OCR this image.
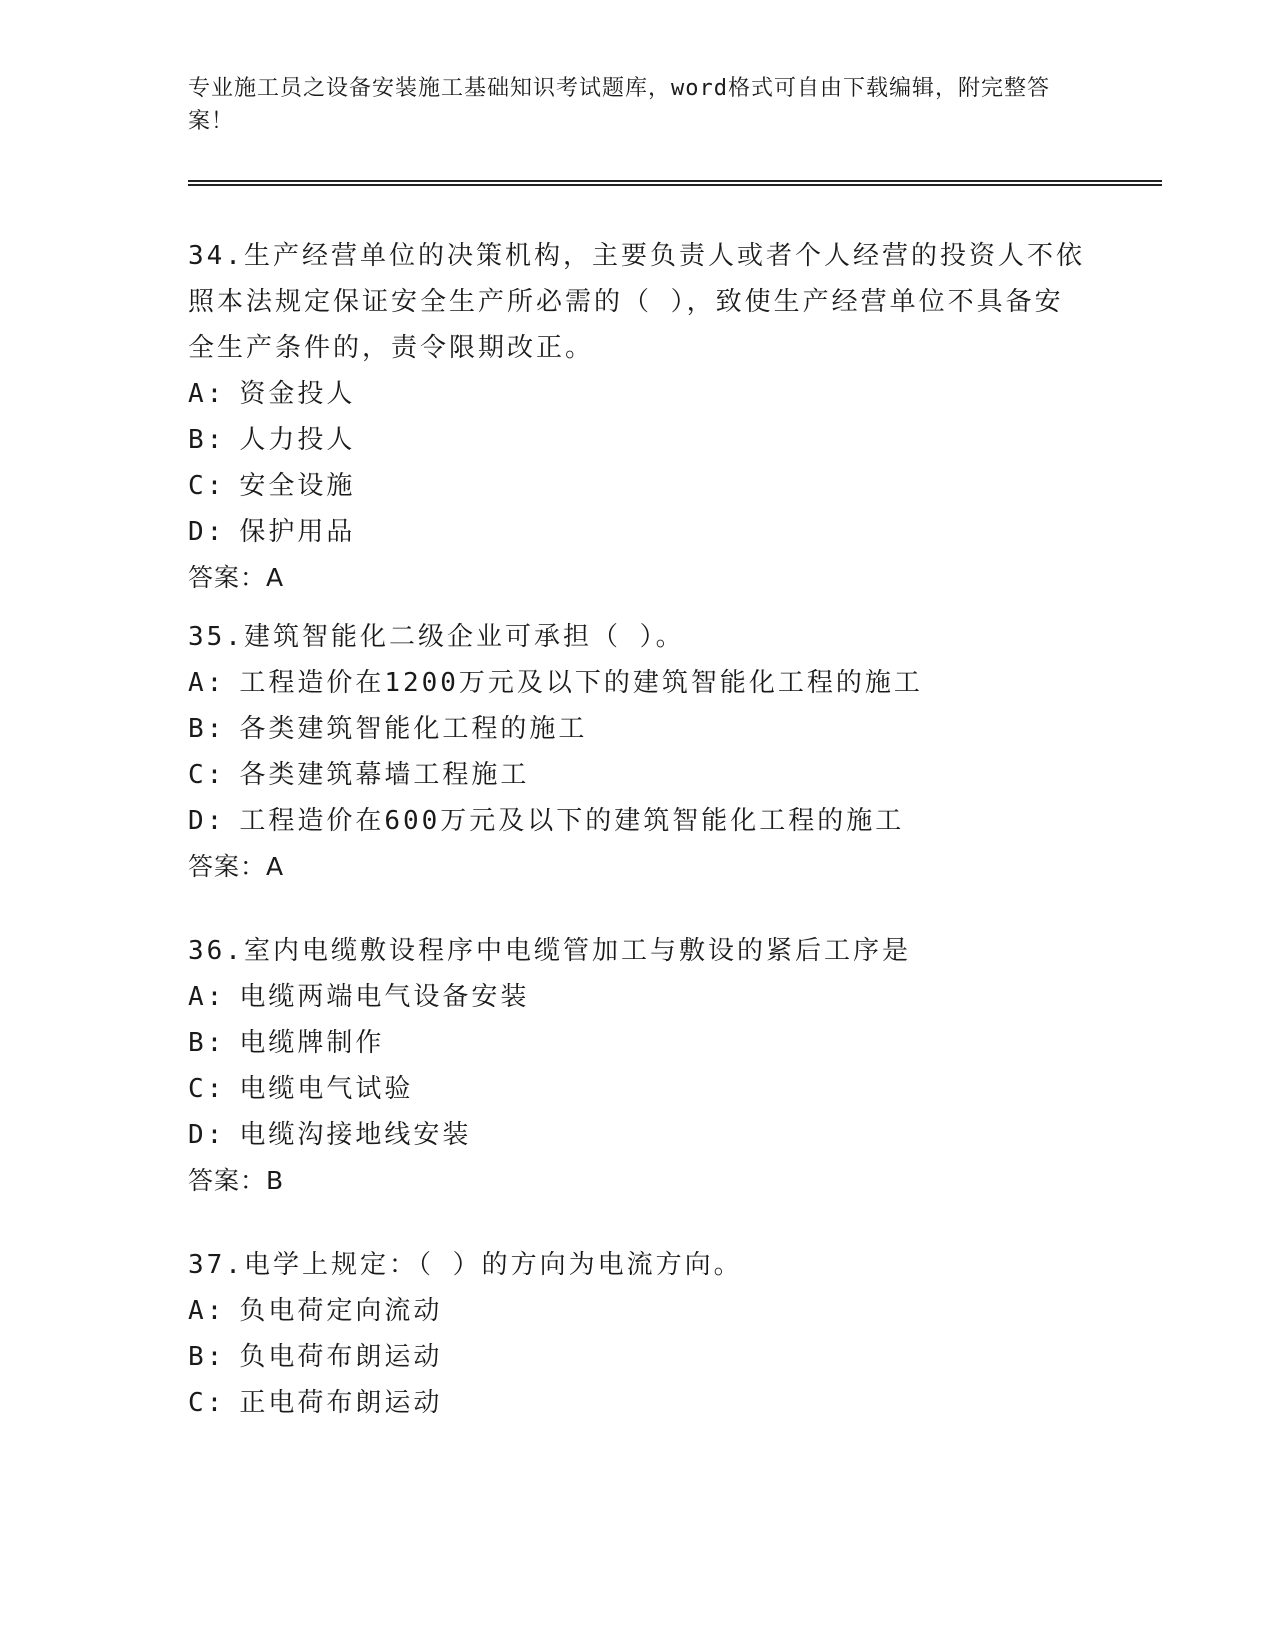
专业施工员之设备安装施工基础知识考试题库，word格式可自由下载编辑，附完整答案！
34.生产经营单位的决策机构，主要负责人或者个人经营的投资人不依照本法规定保证安全生产所必需的（ ），致使生产经营单位不具备安全生产条件的，责令限期改正。
A: 资金投人
B: 人力投人
C: 安全设施
D: 保护用品
答案：A
35.建筑智能化二级企业可承担（ ）。
A: 工程造价在1200万元及以下的建筑智能化工程的施工
B: 各类建筑智能化工程的施工
C: 各类建筑幕墙工程施工
D: 工程造价在600万元及以下的建筑智能化工程的施工
答案：A
36.室内电缆敷设程序中电缆管加工与敷设的紧后工序是
A: 电缆两端电气设备安装
B: 电缆牌制作
C: 电缆电气试验
D: 电缆沟接地线安装
答案：B
37.电学上规定：（ ）的方向为电流方向。
A: 负电荷定向流动
B: 负电荷布朗运动
C: 正电荷布朗运动
